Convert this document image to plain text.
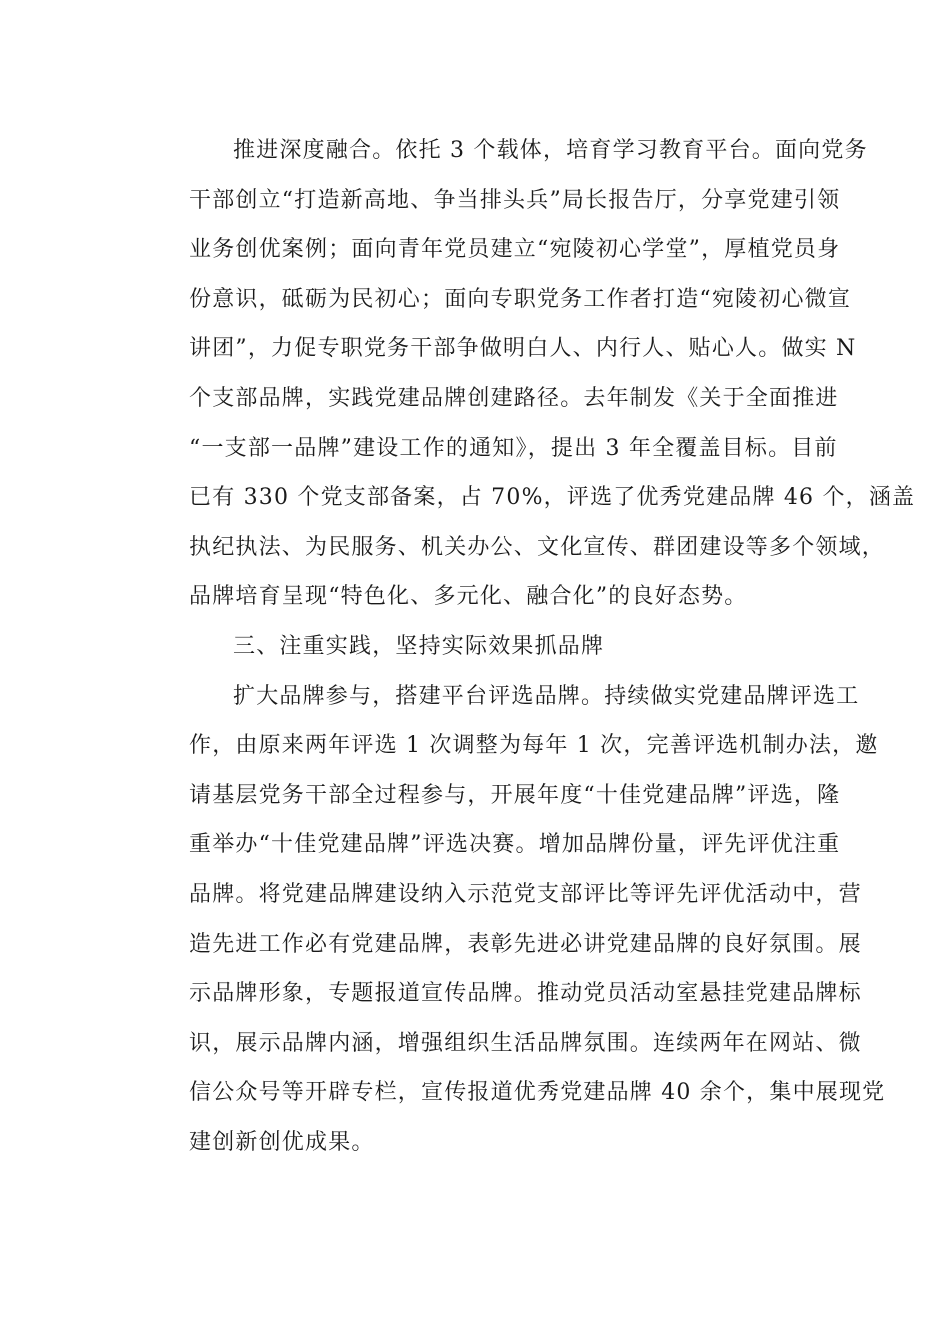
推进深度融合。依托 3 个载体，培育学习教育平台。面向党务
干部创立“打造新高地、争当排头兵”局长报告厅，分享党建引领
业务创优案例；面向青年党员建立“宛陵初心学堂”，厚植党员身
份意识，砥砺为民初心；面向专职党务工作者打造“宛陵初心微宣
讲团”，力促专职党务干部争做明白人、内行人、贴心人。做实 N
个支部品牌，实践党建品牌创建路径。去年制发《关于全面推进
“一支部一品牌”建设工作的通知》，提出 3 年全覆盖目标。目前
已有 330 个党支部备案，占 70%，评选了优秀党建品牌 46 个，涵盖
执纪执法、为民服务、机关办公、文化宣传、群团建设等多个领域，
品牌培育呈现“特色化、多元化、融合化”的良好态势。
三、注重实践，坚持实际效果抓品牌
扩大品牌参与，搭建平台评选品牌。持续做实党建品牌评选工
作，由原来两年评选 1 次调整为每年 1 次，完善评选机制办法，邀
请基层党务干部全过程参与，开展年度“十佳党建品牌”评选，隆
重举办“十佳党建品牌”评选决赛。增加品牌份量，评先评优注重
品牌。将党建品牌建设纳入示范党支部评比等评先评优活动中，营
造先进工作必有党建品牌，表彰先进必讲党建品牌的良好氛围。展
示品牌形象，专题报道宣传品牌。推动党员活动室悬挂党建品牌标
识，展示品牌内涵，增强组织生活品牌氛围。连续两年在网站、微
信公众号等开辟专栏，宣传报道优秀党建品牌 40 余个，集中展现党
建创新创优成果。
